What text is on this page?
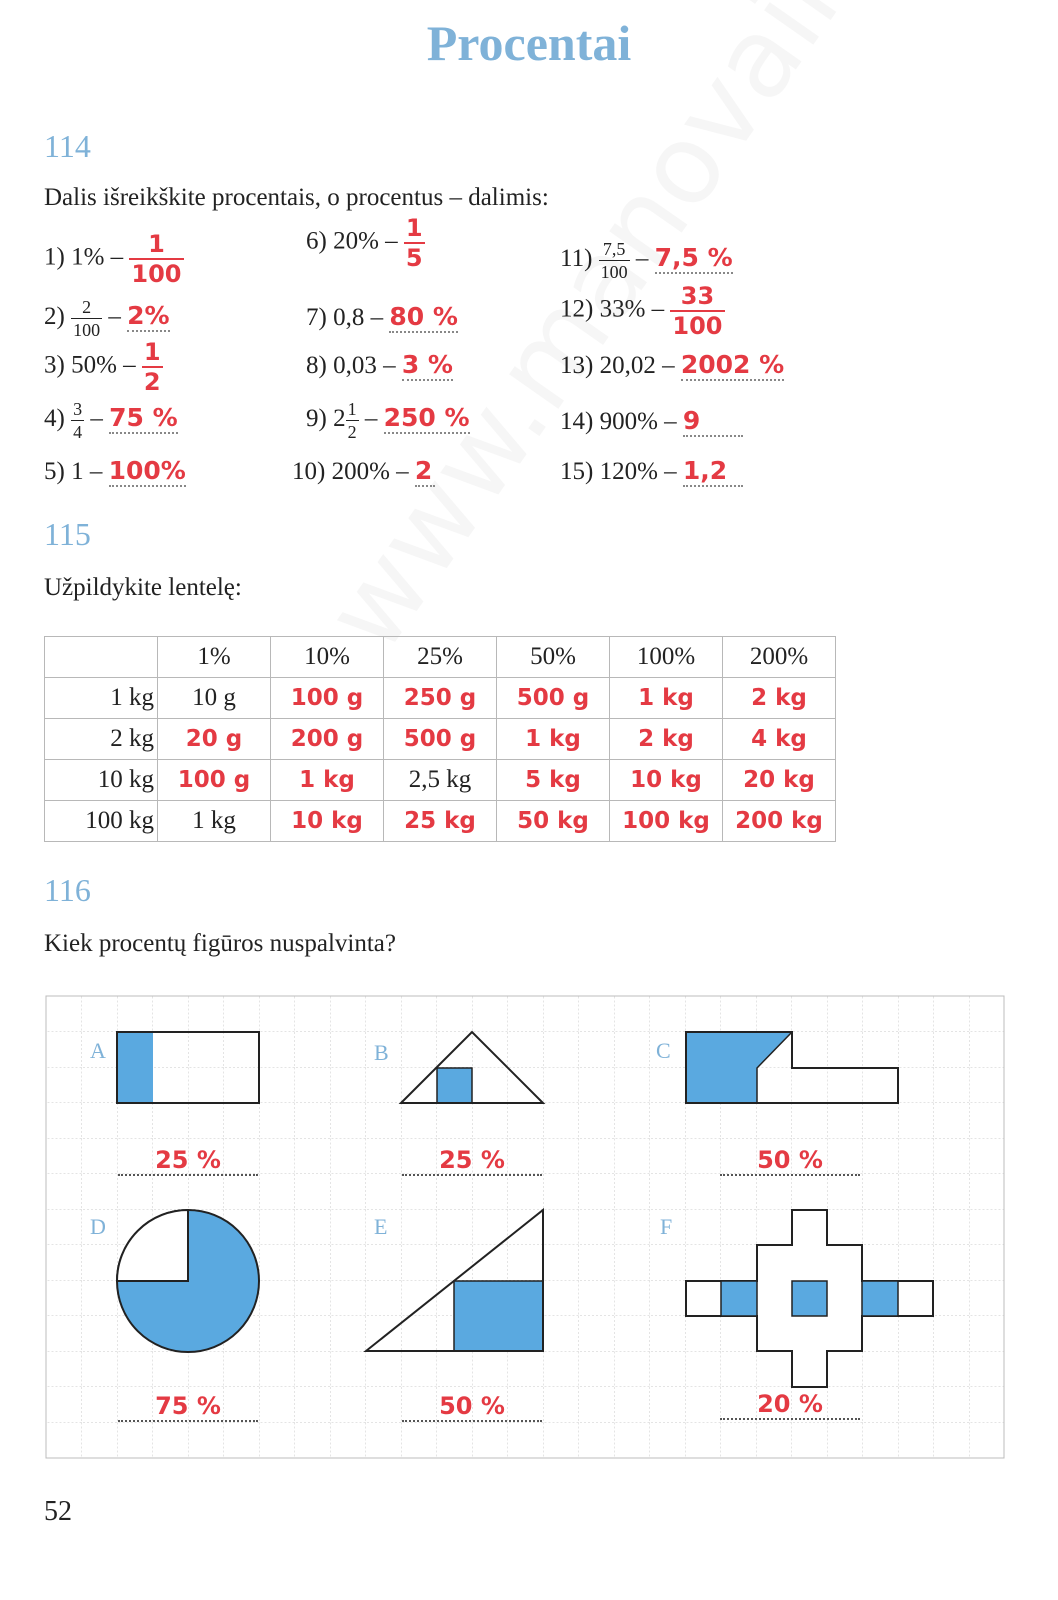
Procentai
114
Dalis išreikškite procentais, o procentus – dalimis:
1) $1\% - \frac{1}{100}$
$2) \frac{2}{100} - 2\%$
3) $50\% - \frac{1}{2}$
$4) \frac{3}{4} - 75$ %
5) 1 – 100%
6) $20\% - \frac{1}{5}$
7) 0,8 – 80 %
8) 0,03 – 3 %
9) $2 \frac{1}{2} - 250$ %
10) 200% – 2
$11) \frac{7,5}{100} - 7,5$ %
12) $33\% - \frac{33}{100}$
13) 20,02 – 2002 %
14) 900% – 9
15) 120% – 1,2
115
Užpildykite lentelę:
	1%	10%	25%	50%	100%	200%
1 kg	10 g	100 g	250 g	500 g	1 kg	2 kg
2 kg	20 g	200 g	500 g	1 kg	2 kg	4 kg
10 kg	100 g	1 kg	2,5 kg	5 kg	10 kg	20 kg
100 kg	1 kg	10 kg	25 kg	50 kg	100 kg	200 kg
116
Kiek procentų figūros nuspalvinta?
A	B	C
D	E	F
25 %	25 %	50 %
75 %	50 %	20 %
52
